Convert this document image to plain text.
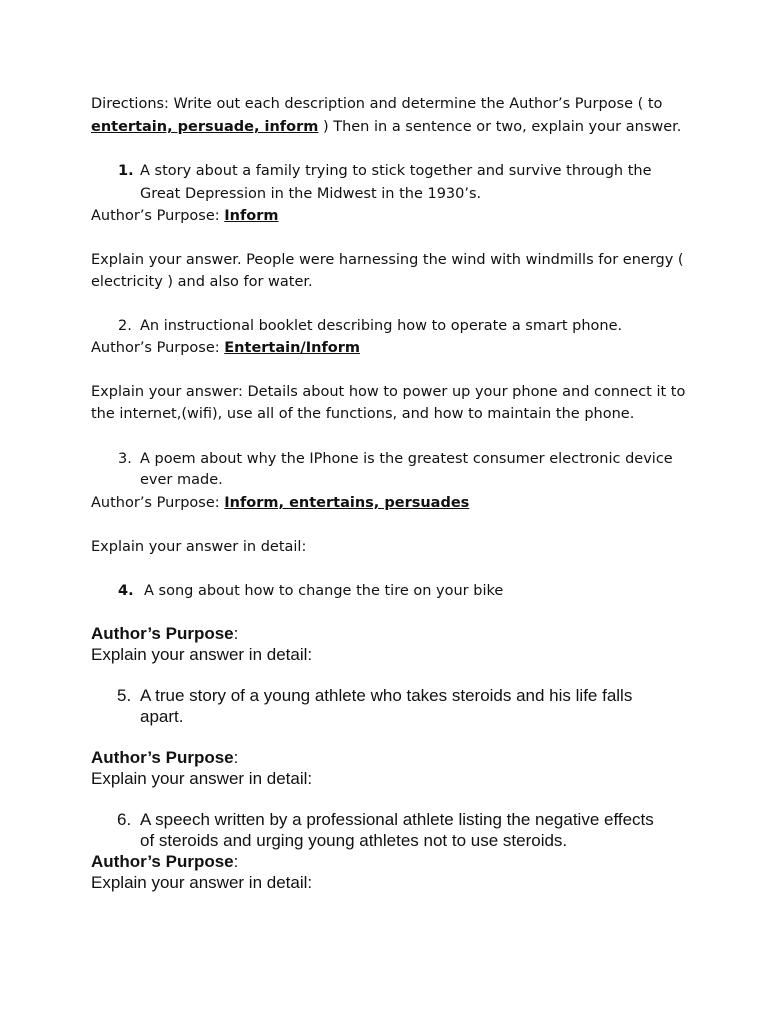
Directions: Write out each description and determine the Author’s Purpose ( to
entertain, persuade, inform ) Then in a sentence or two, explain your answer.
1. A story about a family trying to stick together and survive through the
Great Depression in the Midwest in the 1930’s.
Author’s Purpose: Inform
Explain your answer. People were harnessing the wind with windmills for energy (
electricity ) and also for water.
2. An instructional booklet describing how to operate a smart phone.
Author’s Purpose: Entertain/Inform
Explain your answer: Details about how to power up your phone and connect it to
the internet,(wifi), use all of the functions, and how to maintain the phone.
3. A poem about why the IPhone is the greatest consumer electronic device
ever made.
Author’s Purpose: Inform, entertains, persuades
Explain your answer in detail:
4. A song about how to change the tire on your bike
Author’s Purpose:
Explain your answer in detail:
5. A true story of a young athlete who takes steroids and his life falls
apart.
Author’s Purpose:
Explain your answer in detail:
6. A speech written by a professional athlete listing the negative effects
of steroids and urging young athletes not to use steroids.
Author’s Purpose:
Explain your answer in detail:
